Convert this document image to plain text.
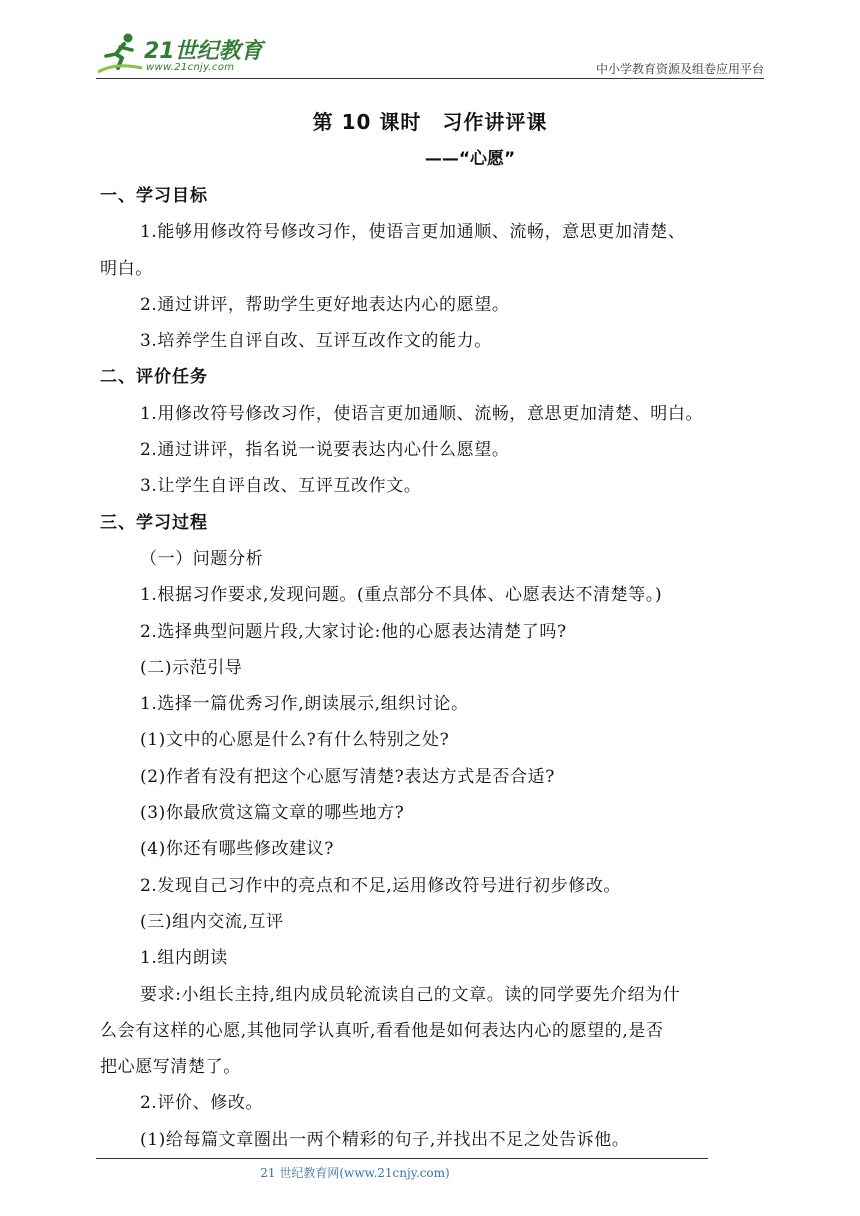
21世纪教育
www.21cnjy.com	中小学教育资源及组卷应用平台
第 10 课时　习作讲评课
——“心愿”
一、学习目标
1.能够用修改符号修改习作，使语言更加通顺、流畅，意思更加清楚、
明白。
2.通过讲评，帮助学生更好地表达内心的愿望。
3.培养学生自评自改、互评互改作文的能力。
二、评价任务
1.用修改符号修改习作，使语言更加通顺、流畅，意思更加清楚、明白。
2.通过讲评，指名说一说要表达内心什么愿望。
3.让学生自评自改、互评互改作文。
三、学习过程
（一）问题分析
1.根据习作要求,发现问题。(重点部分不具体、心愿表达不清楚等。)
2.选择典型问题片段,大家讨论:他的心愿表达清楚了吗?
(二)示范引导
1.选择一篇优秀习作,朗读展示,组织讨论。
(1)文中的心愿是什么?有什么特别之处?
(2)作者有没有把这个心愿写清楚?表达方式是否合适?
(3)你最欣赏这篇文章的哪些地方?
(4)你还有哪些修改建议?
2.发现自己习作中的亮点和不足,运用修改符号进行初步修改。
(三)组内交流,互评
1.组内朗读
要求:小组长主持,组内成员轮流读自己的文章。读的同学要先介绍为什
么会有这样的心愿,其他同学认真听,看看他是如何表达内心的愿望的,是否
把心愿写清楚了。
2.评价、修改。
(1)给每篇文章圈出一两个精彩的句子,并找出不足之处告诉他。
21 世纪教育网(www.21cnjy.com)
